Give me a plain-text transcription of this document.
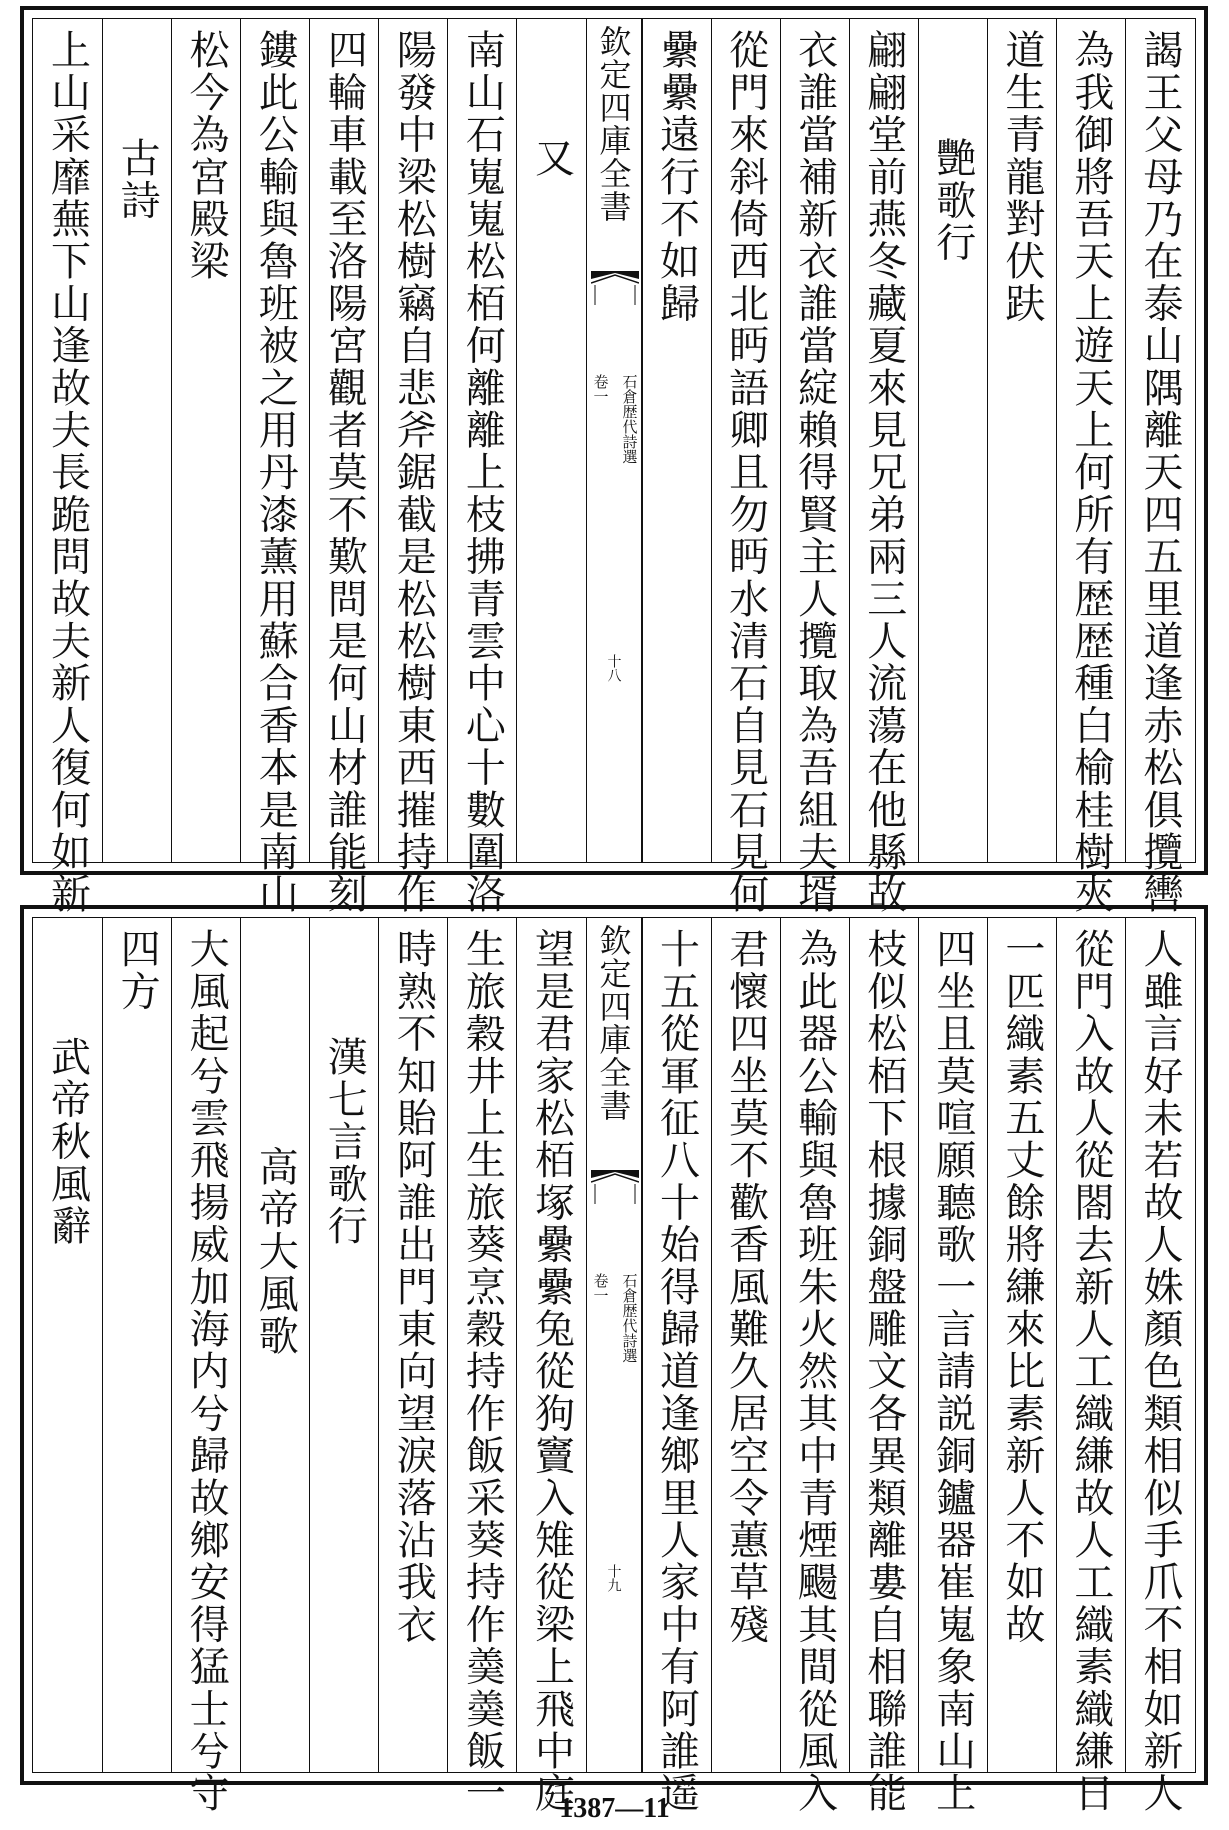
謁王父母乃在泰山隅離天四五里道逢赤松俱攬轡
為我御將吾天上遊天上何所有歴歴種白榆桂樹夾
道生青龍對伏趺
艷歌行
翩翩堂前燕冬藏夏來見兄弟兩三人流蕩在他縣故
衣誰當補新衣誰當綻賴得賢主人攬取為吾組夫壻
從門來斜倚西北眄語卿且勿眄水清石自見石見何
纍纍遠行不如歸
欽定四庫全書
石倉歴代詩選
卷一
十八
又
南山石嵬嵬松栢何離離上枝拂青雲中心十數圍洛
陽發中梁松樹竊自悲斧鋸截是松松樹東西摧持作
四輪車載至洛陽宮觀者莫不歎問是何山材誰能刻
鏤此公輸與魯班被之用丹漆薰用蘇合香本是南山
松今為宮殿梁
古詩
上山采靡蕪下山逢故夫長跪問故夫新人復何如新
人雖言好未若故人姝顏色類相似手爪不相如新人
從門入故人從閤去新人工織縑故人工織素織縑日
一匹織素五丈餘將縑來比素新人不如故
四坐且莫喧願聽歌一言請説銅鑪器崔嵬象南山上
枝似松栢下根據銅盤雕文各異類離婁自相聯誰能
為此器公輸與魯班朱火然其中青煙颺其間從風入
君懷四坐莫不歡香風難久居空令蕙草殘
十五從軍征八十始得歸道逢鄉里人家中有阿誰遥
欽定四庫全書
石倉歴代詩選
卷一
十九
望是君家松栢塚纍纍兔從狗竇入雉從梁上飛中庭
生旅穀井上生旅葵烹穀持作飯采葵持作羮羮飯一
時熟不知貽阿誰出門東向望淚落沾我衣
漢七言歌行
高帝大風歌
大風起兮雲飛揚威加海内兮歸故鄉安得猛士兮守
四方
武帝秋風辭
1387—11
